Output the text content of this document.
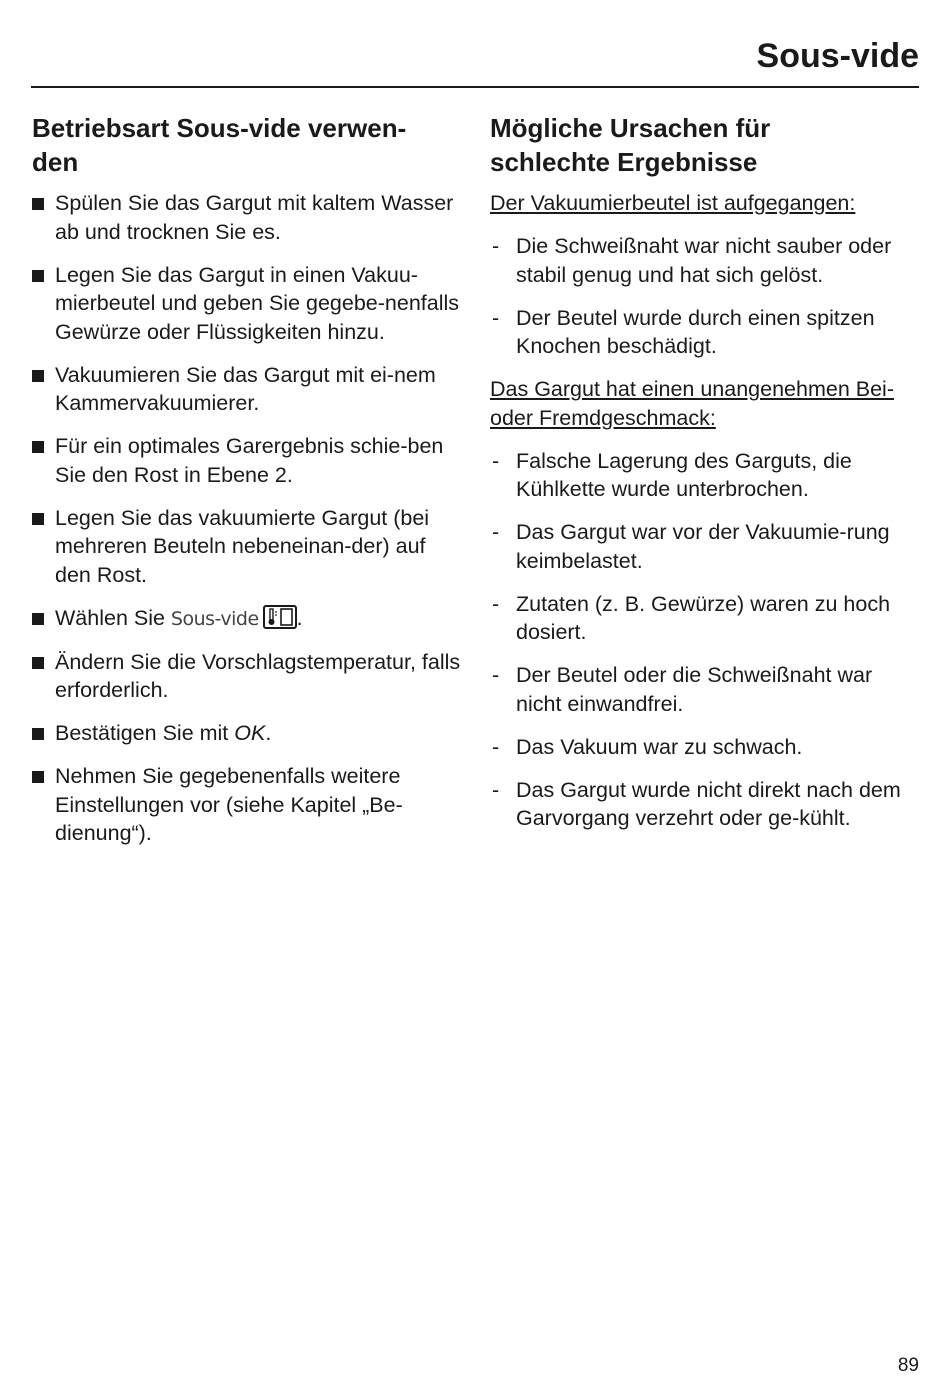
Sous-vide
Betriebsart Sous-vide verwen-
den
Spülen Sie das Gargut mit kaltem Wasser ab und trocknen Sie es.
Legen Sie das Gargut in einen Vakuu-mierbeutel und geben Sie gegebe-nenfalls Gewürze oder Flüssigkeiten hinzu.
Vakuumieren Sie das Gargut mit ei-nem Kammervakuumierer.
Für ein optimales Garergebnis schie-ben Sie den Rost in Ebene 2.
Legen Sie das vakuumierte Gargut (bei mehreren Beuteln nebeneinan-der) auf den Rost.
Wählen Sie Sous-vide .
Ändern Sie die Vorschlagstemperatur, falls erforderlich.
Bestätigen Sie mit OK.
Nehmen Sie gegebenenfalls weitere Einstellungen vor (siehe Kapitel „Be-dienung“).
Mögliche Ursachen für
schlechte Ergebnisse

Der Vakuumierbeutel ist aufgegangen:

- Die Schweißnaht war nicht sauber oder stabil genug und hat sich gelöst.
- Der Beutel wurde durch einen spitzen Knochen beschädigt.

Das Gargut hat einen unangenehmen Bei- oder Fremdgeschmack:

- Falsche Lagerung des Garguts, die Kühlkette wurde unterbrochen.
- Das Gargut war vor der Vakuumie-rung keimbelastet.
- Zutaten (z. B. Gewürze) waren zu hoch dosiert.
- Der Beutel oder die Schweißnaht war nicht einwandfrei.
- Das Vakuum war zu schwach.
- Das Gargut wurde nicht direkt nach dem Garvorgang verzehrt oder ge-kühlt.
89
